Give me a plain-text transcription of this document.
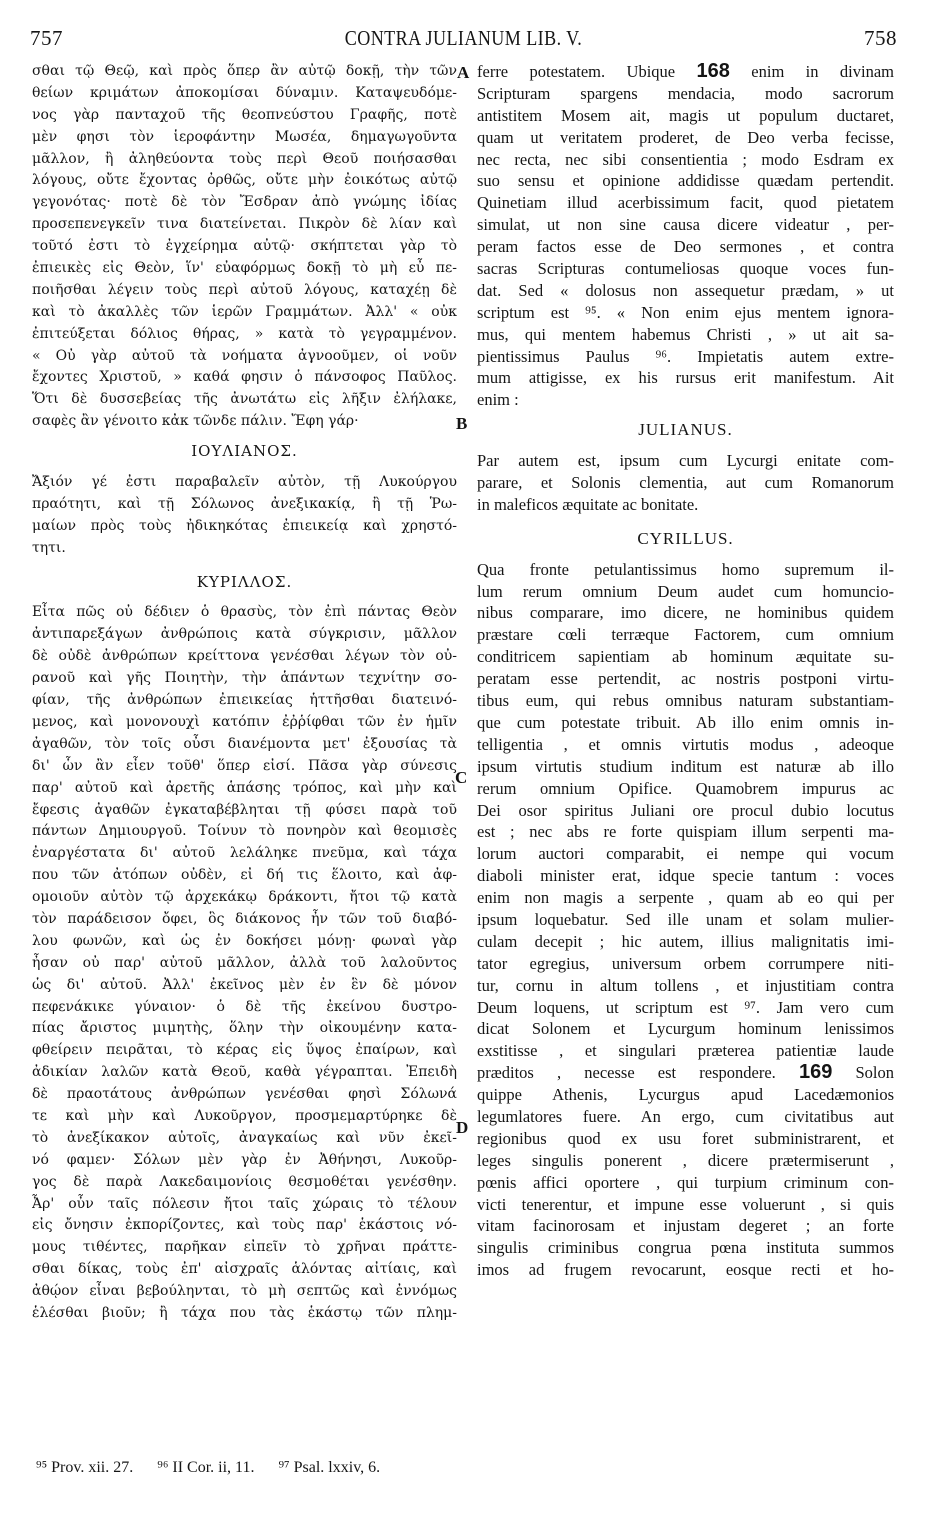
757	CONTRA JULIANUM LIB. V.	758
σθαι τῷ Θεῷ, καὶ πρὸς ὅπερ ἂν αὐτῷ δοκῇ, τὴν τῶν
θείων κριμάτων ἀποκομίσαι δύναμιν. Καταψευδόμε-
νος γὰρ πανταχοῦ τῆς θεοπνεύστου Γραφῆς, ποτὲ
μὲν φησι τὸν ἱεροφάντην Μωσέα, δημαγωγοῦντα
μᾶλλον, ἢ ἀληθεύοντα τοὺς περὶ Θεοῦ ποιήσασθαι
λόγους, οὔτε ἔχοντας ὀρθῶς, οὔτε μὴν ἐοικότως αὐτῷ
γεγονότας· ποτὲ δὲ τὸν Ἔσδραν ἀπὸ γνώμης ἰδίας
προσεπενεγκεῖν τινα διατείνεται. Πικρὸν δὲ λίαν καὶ
τοῦτό ἐστι τὸ ἐγχείρημα αὐτῷ· σκήπτεται γὰρ τὸ
ἐπιεικὲς εἰς Θεὸν, ἵν' εὐαφόρμως δοκῇ τὸ μὴ εὖ πε-
ποιῆσθαι λέγειν τοὺς περὶ αὐτοῦ λόγους, καταχέῃ δὲ
καὶ τὸ ἀκαλλὲς τῶν ἱερῶν Γραμμάτων. Ἀλλ' « οὐκ
ἐπιτεύξεται δόλιος θήρας, » κατὰ τὸ γεγραμμένον.
« Οὐ γὰρ αὐτοῦ τὰ νοήματα ἀγνοοῦμεν, οἱ νοῦν
ἔχοντες Χριστοῦ, » καθά φησιν ὁ πάνσοφος Παῦλος.
Ὅτι δὲ δυσσεβείας τῆς ἀνωτάτω εἰς λῆξιν ἐλήλακε,
σαφὲς ἂν γένοιτο κἀκ τῶνδε πάλιν. Ἔφη γάρ·
ΙΟΥΛΙΑΝΟΣ.
Ἄξιόν γέ ἐστι παραβαλεῖν αὐτὸν, τῇ Λυκούργου
πραότητι, καὶ τῇ Σόλωνος ἀνεξικακίᾳ, ἢ τῇ Ῥω-
μαίων πρὸς τοὺς ἠδικηκότας ἐπιεικείᾳ καὶ χρηστό-
τητι.
ΚΥΡΙΛΛΟΣ.
Εἶτα πῶς οὐ δέδιεν ὁ θρασὺς, τὸν ἐπὶ πάντας Θεὸν
ἀντιπαρεξάγων ἀνθρώποις κατὰ σύγκρισιν, μᾶλλον
δὲ οὐδὲ ἀνθρώπων κρείττονα γενέσθαι λέγων τὸν οὐ-
ρανοῦ καὶ γῆς Ποιητὴν, τὴν ἁπάντων τεχνίτην σο-
φίαν, τῆς ἀνθρώπων ἐπιεικείας ἡττῆσθαι διατεινό-
μενος, καὶ μονονουχὶ κατόπιν ἐῤῥίφθαι τῶν ἐν ἡμῖν
ἀγαθῶν, τὸν τοῖς οὖσι διανέμοντα μετ' ἐξουσίας τὰ
δι' ὧν ἂν εἶεν τοῦθ' ὅπερ εἰσί. Πᾶσα γὰρ σύνεσις
παρ' αὐτοῦ καὶ ἀρετῆς ἁπάσης τρόπος, καὶ μὴν καὶ
ἔφεσις ἀγαθῶν ἐγκαταβέβληται τῇ φύσει παρὰ τοῦ
πάντων Δημιουργοῦ. Τοίνυν τὸ πονηρὸν καὶ θεομισὲς
ἐναργέστατα δι' αὐτοῦ λελάληκε πνεῦμα, καὶ τάχα
που τῶν ἀτόπων οὐδὲν, εἰ δή τις ἕλοιτο, καὶ ἀφ-
ομοιοῦν αὐτὸν τῷ ἀρχεκάκῳ δράκοντι, ἤτοι τῷ κατὰ
τὸν παράδεισον ὄφει, ὃς διάκονος ἦν τῶν τοῦ διαβό-
λου φωνῶν, καὶ ὡς ἐν δοκήσει μόνῃ· φωναὶ γὰρ
ἦσαν οὐ παρ' αὐτοῦ μᾶλλον, ἀλλὰ τοῦ λαλοῦντος
ὡς δι' αὐτοῦ. Ἀλλ' ἐκεῖνος μὲν ἐν ἓν δὲ μόνον
πεφενάκικε γύναιον· ὁ δὲ τῆς ἐκείνου δυστρο-
πίας ἄριστος μιμητὴς, ὅλην τὴν οἰκουμένην κατα-
φθείρειν πειρᾶται, τὸ κέρας εἰς ὕψος ἐπαίρων, καὶ
ἀδικίαν λαλῶν κατὰ Θεοῦ, καθὰ γέγραπται. Ἐπειδὴ
δὲ πραοτάτους ἀνθρώπων γενέσθαι φησὶ Σόλωνά
τε καὶ μὴν καὶ Λυκοῦργον, προσμεμαρτύρηκε δὲ
τὸ ἀνεξίκακον αὐτοῖς, ἀναγκαίως καὶ νῦν ἐκεῖ-
νό φαμεν· Σόλων μὲν γὰρ ἐν Ἀθήνησι, Λυκοῦρ-
γος δὲ παρὰ Λακεδαιμονίοις θεσμοθέται γενέσθην.
Ἆρ' οὖν ταῖς πόλεσιν ἤτοι ταῖς χώραις τὸ τέλουν
εἰς ὄνησιν ἐκπορίζοντες, καὶ τοὺς παρ' ἑκάστοις νό-
μους τιθέντες, παρῆκαν εἰπεῖν τὸ χρῆναι πράττε-
σθαι δίκας, τοὺς ἐπ' αἰσχραῖς ἁλόντας αἰτίαις, καὶ
ἀθῴον εἶναι βεβούληνται, τὸ μὴ σεπτῶς καὶ ἐννόμως
ἑλέσθαι βιοῦν; ἢ τάχα που τὰς ἑκάστῳ τῶν πλημ-
ferre potestatem. Ubique 168 enim in divinam
Scripturam spargens mendacia, modo sacrorum
antistitem Mosem ait, magis ut populum ductaret,
quam ut veritatem proderet, de Deo verba fecisse,
nec recta, nec sibi consentientia ; modo Esdram ex
suo sensu et opinione addidisse quædam pertendit.
Quinetiam illud acerbissimum facit, quod pietatem
simulat, ut non sine causa dicere videatur , per-
peram factos esse de Deo sermones , et contra
sacras Scripturas contumeliosas quoque voces fun-
dat. Sed « dolosus non assequetur prædam, » ut
scriptum est ⁹⁵. « Non enim ejus mentem ignora-
mus, qui mentem habemus Christi , » ut ait sa-
pientissimus Paulus ⁹⁶. Impietatis autem extre-
mum attigisse, ex his rursus erit manifestum. Ait
enim :
JULIANUS.
Par autem est, ipsum cum Lycurgi enitate com-
parare, et Solonis clementia, aut cum Romanorum
in maleficos æquitate ac bonitate.
CYRILLUS.
Qua fronte petulantissimus homo supremum il-
lum rerum omnium Deum audet cum homuncio-
nibus comparare, imo dicere, ne hominibus quidem
præstare cœli terræque Factorem, cum omnium
conditricem sapientiam ab hominum æquitate su-
peratam esse pertendit, ac nostris postponi virtu-
tibus eum, qui rebus omnibus naturam substantiam-
que cum potestate tribuit. Ab illo enim omnis in-
telligentia , et omnis virtutis modus , adeoque
ipsum virtutis studium inditum est naturæ ab illo
rerum omnium Opifice. Quamobrem impurus ac
Dei osor spiritus Juliani ore procul dubio locutus
est ; nec abs re forte quispiam illum serpenti ma-
lorum auctori comparabit, ei nempe qui vocum
diaboli minister erat, idque specie tantum : voces
enim non magis a serpente , quam ab eo qui per
ipsum loquebatur. Sed ille unam et solam mulier-
culam decepit ; hic autem, illius malignitatis imi-
tator egregius, universum orbem corrumpere niti-
tur, cornu in altum tollens , et injustitiam contra
Deum loquens, ut scriptum est ⁹⁷. Jam vero cum
dicat Solonem et Lycurgum hominum lenissimos
exstitisse , et singulari præterea patientiæ laude
præditos , necesse est respondere. 169 Solon
quippe Athenis, Lycurgus apud Lacedæmonios
legumlatores fuere. An ergo, cum civitatibus aut
regionibus quod ex usu foret subministrarent, et
leges singulis ponerent , dicere prætermiserunt ,
pœnis affici oportere , qui turpium criminum con-
victi tenerentur, et impune esse voluerunt , si quis
vitam facinorosam et injustam degeret ; an forte
singulis criminibus congrua pœna instituta summos
imos ad frugem revocarunt, eosque recti et ho-
A
B
C
D
⁹⁵ Prov. xii. 27. ⁹⁶ II Cor. ii, 11. ⁹⁷ Psal. lxxiv, 6.
